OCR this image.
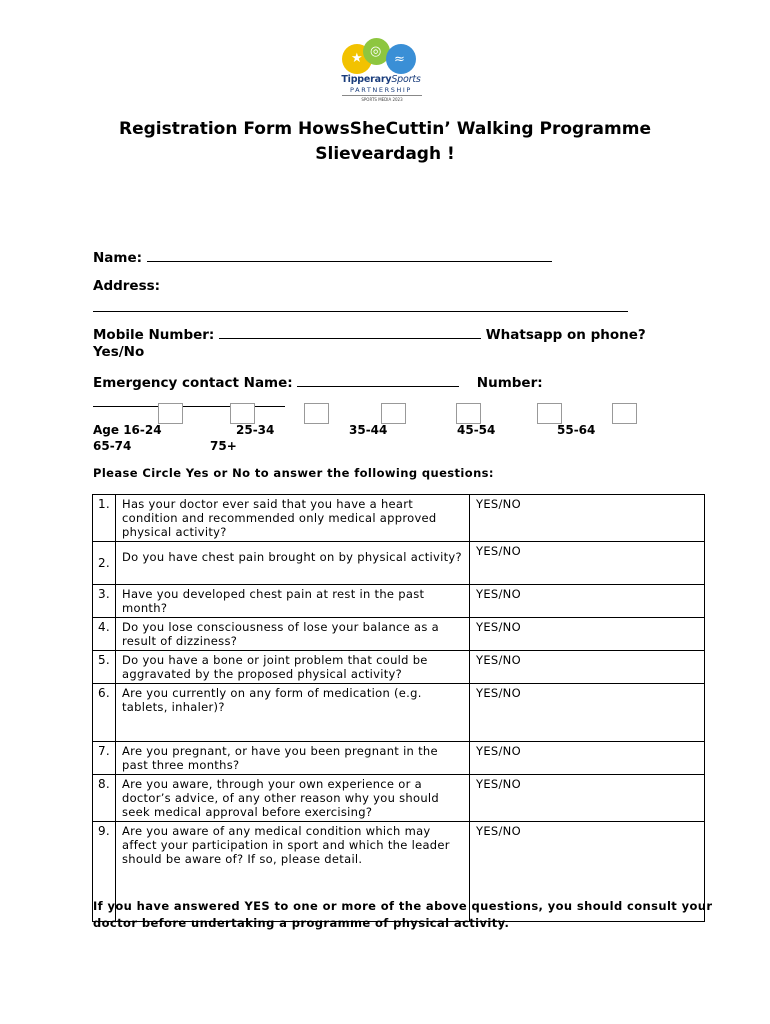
★ ◎
≈
TipperarySports
PARTNERSHIP
SPORTS MEDIA 2023
Registration Form HowsSheCuttin’ Walking Programme
Slieveardagh !
Name:
Address:
Mobile Number:	Whatsapp on phone?
Yes/No
Emergency contact Name:	Number:
Age 16-24	25-34	35-44	45-54	55-64
65-74	75+
Please Circle Yes or No to answer the following questions:
1.	Has your doctor ever said that you have a heart condition and recommended only medical approved physical activity?	YES/NO
2.	Do you have chest pain brought on by physical activity?	YES/NO
3.	Have you developed chest pain at rest in the past month?	YES/NO
4.	Do you lose consciousness of lose your balance as a result of dizziness?	YES/NO
5.	Do you have a bone or joint problem that could be aggravated by the proposed physical activity?	YES/NO
6.	Are you currently on any form of medication (e.g. tablets, inhaler)?	YES/NO
7.	Are you pregnant, or have you been pregnant in the past three months?	YES/NO
8.	Are you aware, through your own experience or a doctor’s advice, of any other reason why you should seek medical approval before exercising?	YES/NO
9.	Are you aware of any medical condition which may affect your participation in sport and which the leader should be aware of? If so, please detail.	YES/NO
If you have answered YES to one or more of the above questions, you should consult your doctor before undertaking a programme of physical activity.
